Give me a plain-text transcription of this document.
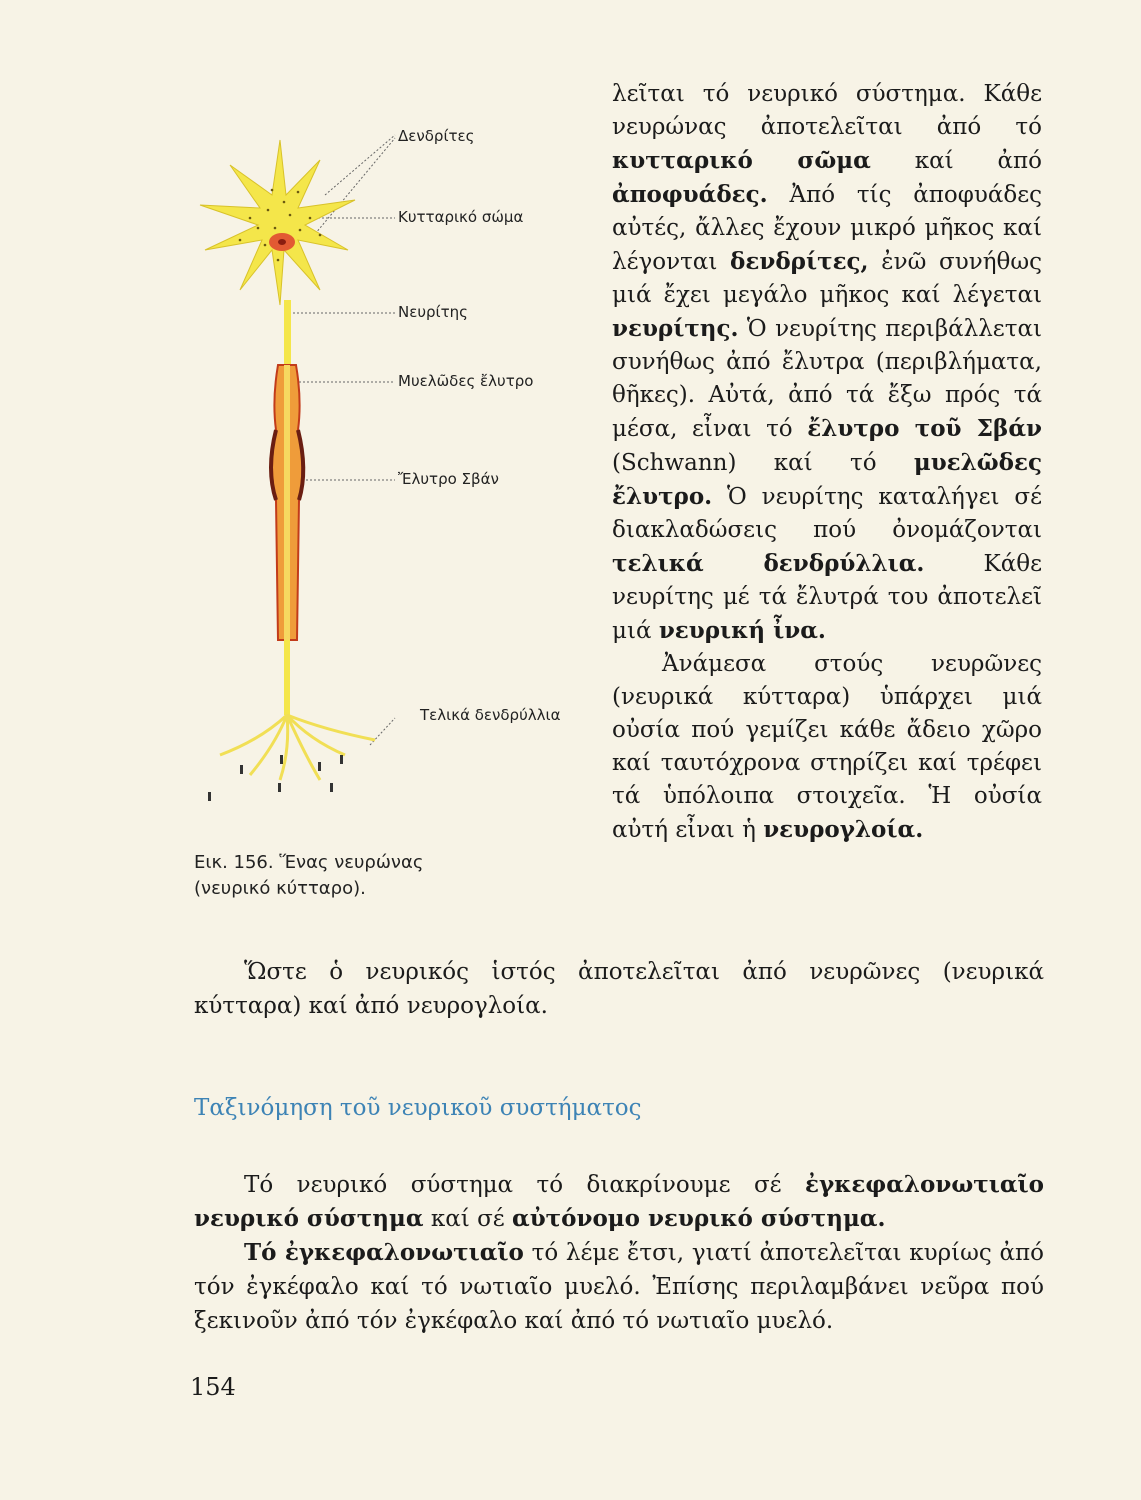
Δενδρίτες
Κυτταρικό σώμα
Νευρίτης
Μυελῶδες ἔλυτρο
Ἔλυτρο Σβάν
Τελικά δενδρύλλια
Εικ. 156. Ἕνας νευρώνας
(νευρικό κύτταρο).

λεῖται τό νευρικό σύστημα. Κάθε νευρώνας ἀποτελεῖται ἀπό τό κυτταρικό σῶμα καί ἀπό ἀποφυάδες. Ἀπό τίς ἀποφυάδες αὐτές, ἄλλες ἔχουν μικρό μῆκος καί λέγονται δενδρίτες, ἐνῶ συνήθως μιά ἔχει μεγάλο μῆκος καί λέγεται νευρίτης. Ὁ νευρίτης περιβάλλεται συνήθως ἀπό ἔλυτρα (περιβλήματα, θῆκες). Αὐτά, ἀπό τά ἔξω πρός τά μέσα, εἶναι τό ἔλυτρο τοῦ Σβάν (Schwann) καί τό μυελῶδες ἔλυτρο. Ὁ νευρίτης καταλήγει σέ διακλαδώσεις πού ὀνομάζονται τελικά δενδρύλλια. Κάθε νευρίτης μέ τά ἔλυτρά του ἀποτελεῖ μιά νευρική ἶνα.

Ἀνάμεσα στούς νευρῶνες (νευρικά κύτταρα) ὑπάρχει μιά οὐσία πού γεμίζει κάθε ἄδειο χῶρο καί ταυτόχρονα στηρίζει καί τρέφει τά ὑπόλοιπα στοιχεῖα. Ἡ οὐσία αὐτή εἶναι ἡ νευρογλοία.

Ὥστε ὁ νευρικός ἱστός ἀποτελεῖται ἀπό νευρῶνες (νευρικά κύτταρα) καί ἀπό νευρογλοία.

Ταξινόμηση τοῦ νευρικοῦ συστήματος

Τό νευρικό σύστημα τό διακρίνουμε σέ ἐγκεφαλονωτιαῖο νευρικό σύστημα καί σέ αὐτόνομο νευρικό σύστημα.

Τό ἐγκεφαλονωτιαῖο τό λέμε ἔτσι, γιατί ἀποτελεῖται κυρίως ἀπό τόν ἐγκέφαλο καί τό νωτιαῖο μυελό. Ἐπίσης περιλαμβάνει νεῦρα πού ξεκινοῦν ἀπό τόν ἐγκέφαλο καί ἀπό τό νωτιαῖο μυελό.

154
